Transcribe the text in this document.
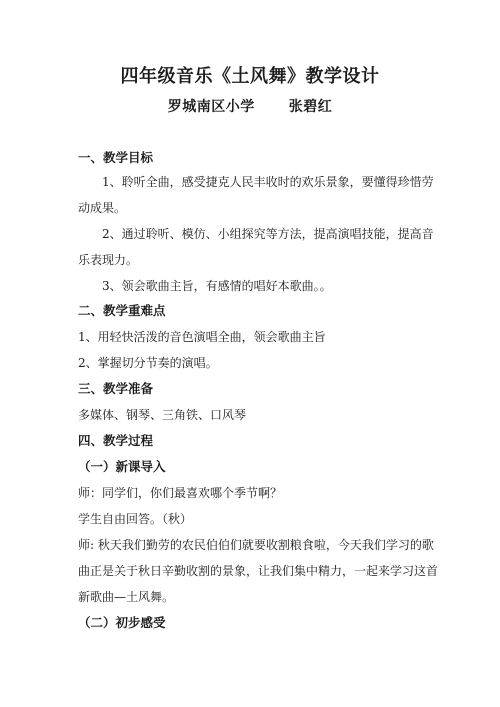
四年级音乐《土风舞》教学设计
罗城南区小学 张碧红
一、教学目标
1、聆听全曲，感受捷克人民丰收时的欢乐景象，要懂得珍惜劳
动成果。
2、通过聆听、模仿、小组探究等方法，提高演唱技能，提高音
乐表现力。
3、领会歌曲主旨，有感情的唱好本歌曲。。
二、教学重难点
1、用轻快活泼的音色演唱全曲，领会歌曲主旨
2、掌握切分节奏的演唱。
三、教学准备
多媒体、钢琴、三角铁、口风琴
四、教学过程
（一）新课导入
师：同学们，你们最喜欢哪个季节啊？
学生自由回答。（秋）
师: 秋天我们勤劳的农民伯伯们就要收割粮食啦，今天我们学习的歌
曲正是关于秋日辛勤收割的景象，让我们集中精力，一起来学习这首
新歌曲—土风舞。
（二）初步感受
